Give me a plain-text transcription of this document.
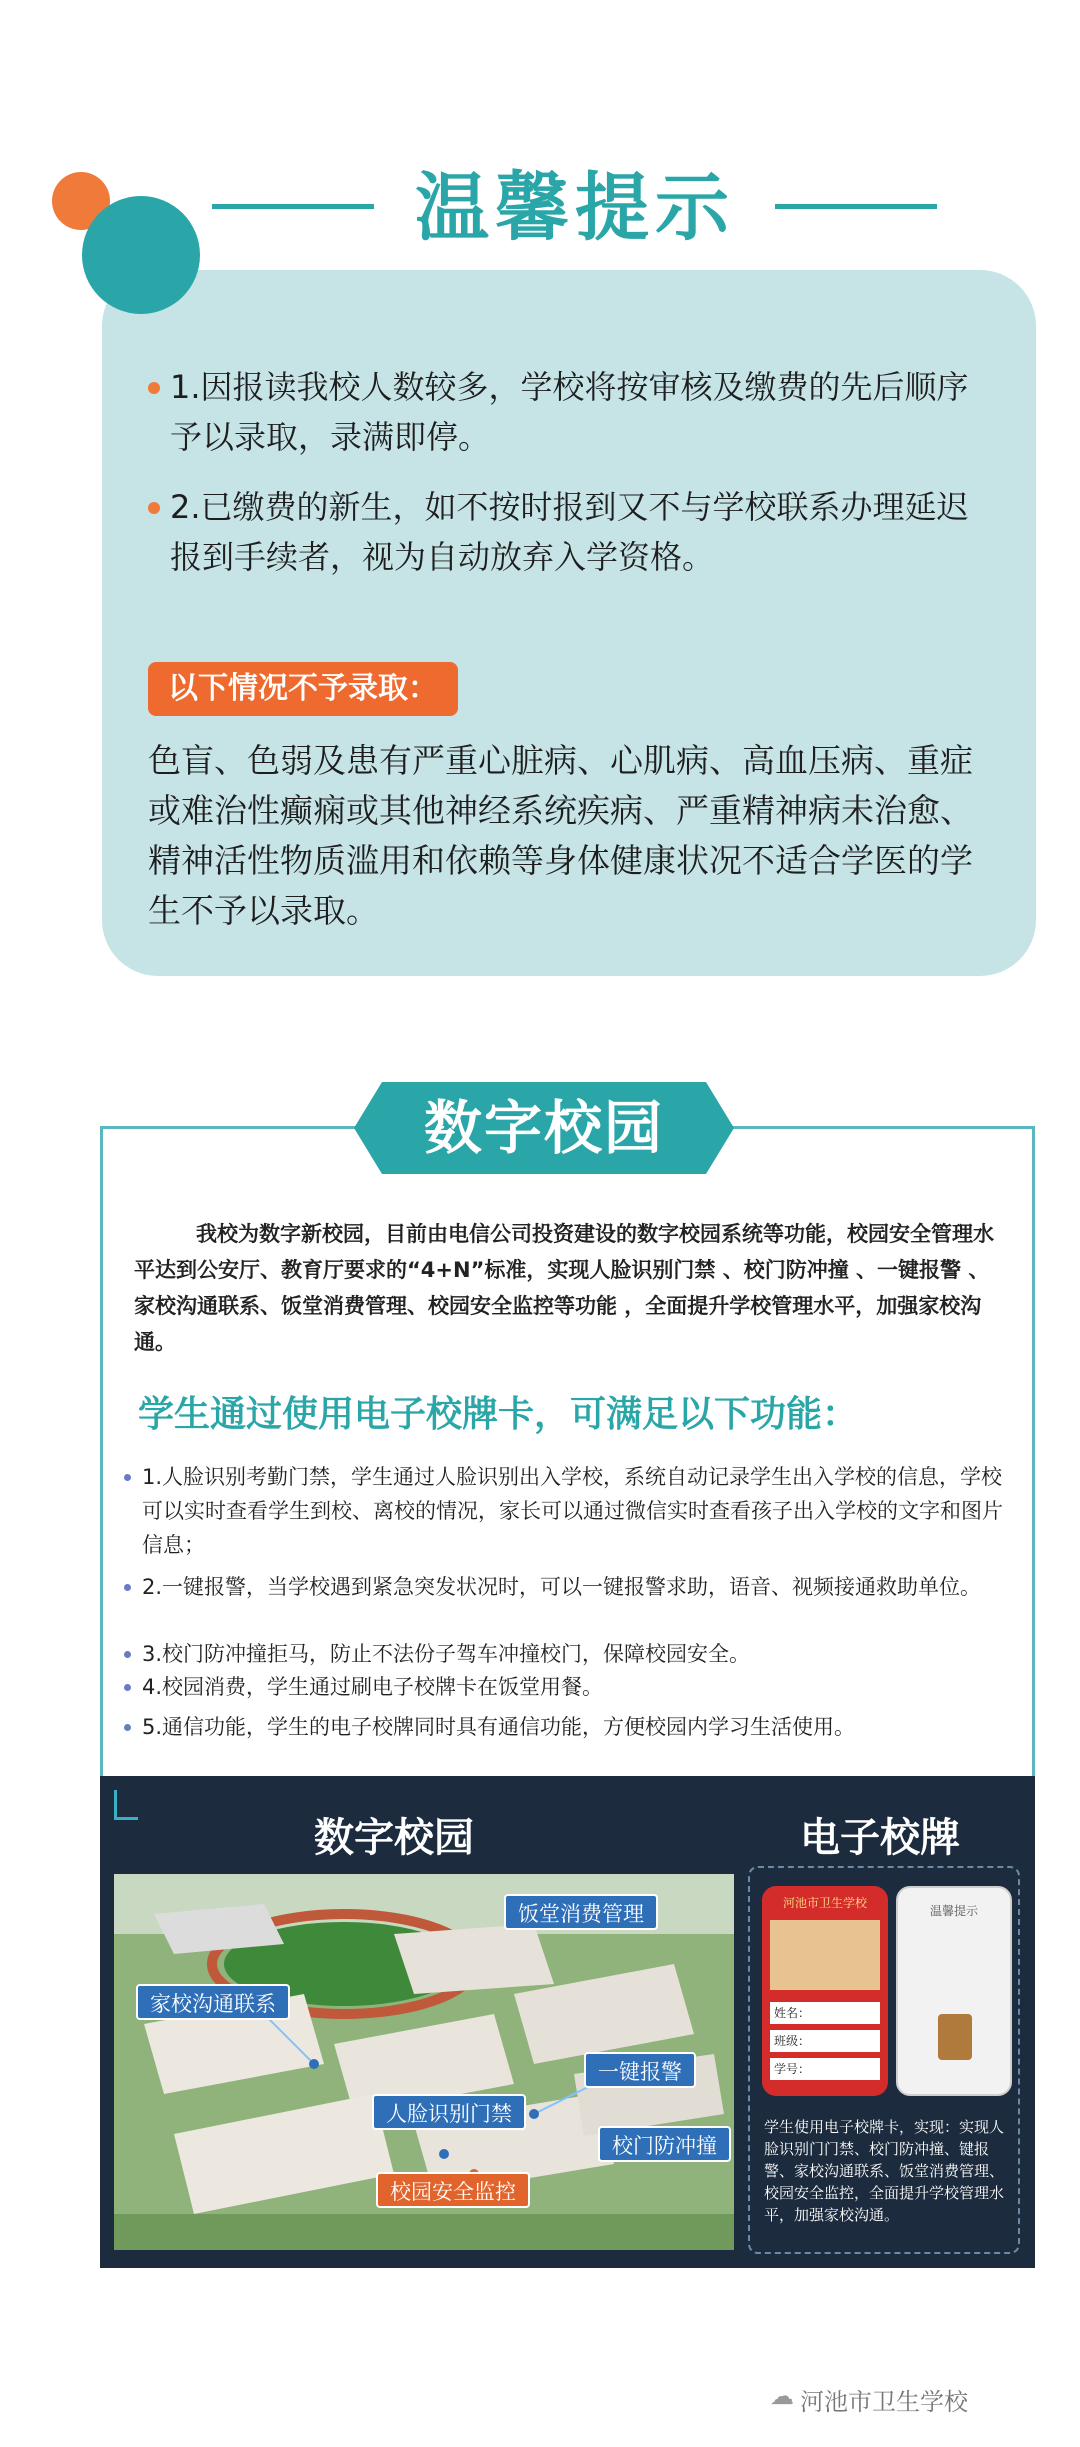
温馨提示
1.因报读我校人数较多，学校将按审核及缴费的先后顺序予以录取，录满即停。
2.已缴费的新生，如不按时报到又不与学校联系办理延迟报到手续者，视为自动放弃入学资格。
以下情况不予录取：
色盲、色弱及患有严重心脏病、心肌病、高血压病、重症或难治性癫痫或其他神经系统疾病、严重精神病未治愈、精神活性物质滥用和依赖等身体健康状况不适合学医的学生不予以录取。
数字校园
我校为数字新校园，目前由电信公司投资建设的数字校园系统等功能，校园安全管理水平达到公安厅、教育厅要求的“4+N”标准，实现人脸识别门禁 、校门防冲撞 、一键报警 、家校沟通联系、饭堂消费管理、校园安全监控等功能 ，全面提升学校管理水平，加强家校沟通。
学生通过使用电子校牌卡，可满足以下功能：
1.人脸识别考勤门禁，学生通过人脸识别出入学校，系统自动记录学生出入学校的信息，学校可以实时查看学生到校、离校的情况，家长可以通过微信实时查看孩子出入学校的文字和图片信息；
2.一键报警，当学校遇到紧急突发状况时，可以一键报警求助，语音、视频接通救助单位。
3.校门防冲撞拒马，防止不法份子驾车冲撞校门，保障校园安全。
4.校园消费，学生通过刷电子校牌卡在饭堂用餐。
5.通信功能，学生的电子校牌同时具有通信功能，方便校园内学习生活使用。
数字校园	电子校牌
饭堂消费管理
家校沟通联系
一键报警
人脸识别门禁
校门防冲撞
校园安全监控
河池市卫生学校
姓名：
班级：
学号：
温馨提示
学生使用电子校牌卡，实现：实现人脸识别门门禁、校门防冲撞、键报警、家校沟通联系、饭堂消费管理、校园安全监控，全面提升学校管理水平，加强家校沟通。
☁ 河池市卫生学校
